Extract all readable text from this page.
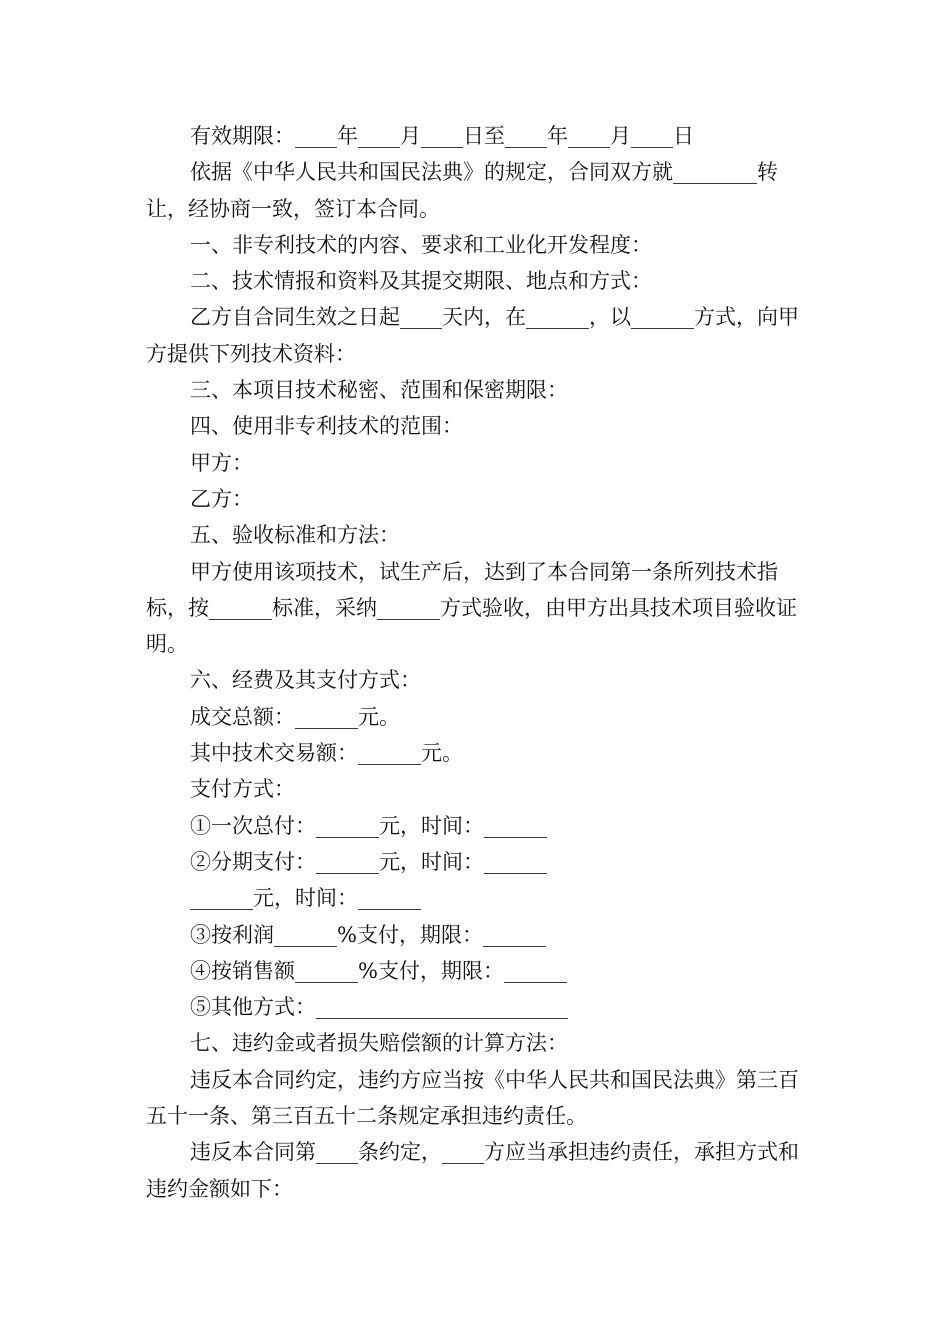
有效期限：____年____月____日至____年____月____日

依据《中华人民共和国民法典》的规定，合同双方就________转让，经协商一致，签订本合同。

一、非专利技术的内容、要求和工业化开发程度：

二、技术情报和资料及其提交期限、地点和方式：

乙方自合同生效之日起____天内，在______，以______方式，向甲方提供下列技术资料：

三、本项目技术秘密、范围和保密期限：

四、使用非专利技术的范围：

甲方：

乙方：

五、验收标准和方法：

甲方使用该项技术，试生产后，达到了本合同第一条所列技术指标，按______标准，采纳______方式验收，由甲方出具技术项目验收证明。

六、经费及其支付方式：

成交总额：______元。

其中技术交易额：______元。

支付方式：

①一次总付：______元，时间：______

②分期支付：______元，时间：______

______元，时间：______

③按利润______%支付，期限：______

④按销售额______%支付，期限：______

⑤其他方式：________________________

七、违约金或者损失赔偿额的计算方法：

违反本合同约定，违约方应当按《中华人民共和国民法典》第三百五十一条、第三百五十二条规定承担违约责任。

违反本合同第____条约定，____方应当承担违约责任，承担方式和违约金额如下：
